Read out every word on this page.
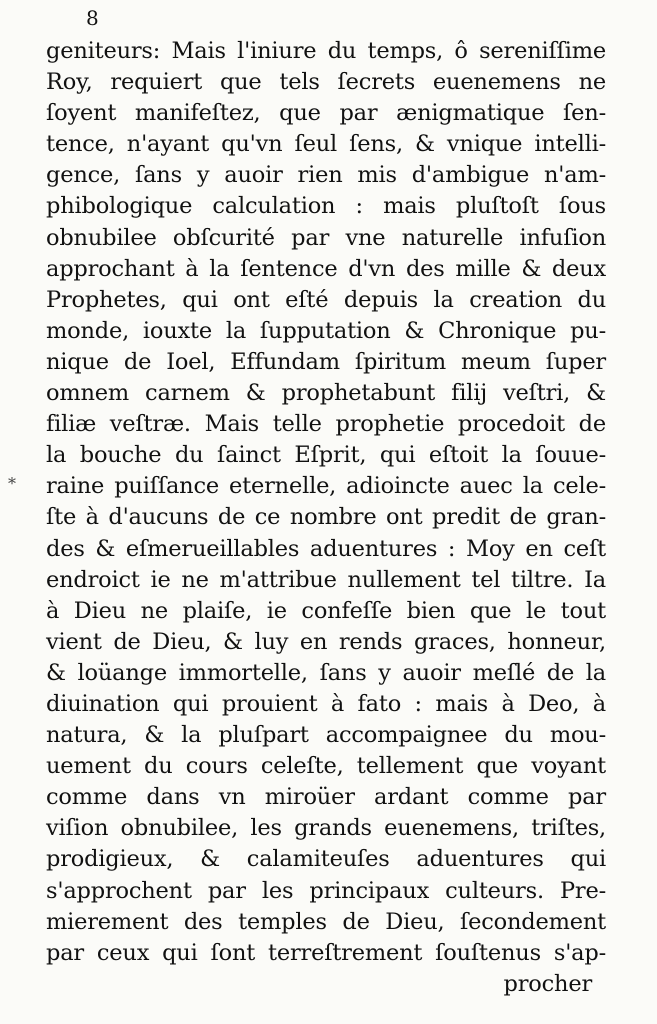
8
*
geniteurs: Mais l'iniure du temps, ô sereniſſime
Roy, requiert que tels ſecrets euenemens ne
ſoyent manifeſtez, que par ænigmatique ſen-
tence, n'ayant qu'vn ſeul ſens, & vnique intelli-
gence, ſans y auoir rien mis d'ambigue n'am-
phibologique calculation : mais pluſtoſt ſous
obnubilee obſcurité par vne naturelle infuſion
approchant à la ſentence d'vn des mille & deux
Prophetes, qui ont eſté depuis la creation du
monde, iouxte la ſupputation & Chronique pu-
nique de Ioel, Effundam ſpiritum meum ſuper
omnem carnem & prophetabunt filij veſtri, &
filiæ veſtræ. Mais telle prophetie procedoit de
la bouche du ſainct Eſprit, qui eſtoit la ſouue-
raine puiſſance eternelle, adioincte auec la cele-
ſte à d'aucuns de ce nombre ont predit de gran-
des & eſmerueillables aduentures : Moy en ceſt
endroict ie ne m'attribue nullement tel tiltre. Ia
à Dieu ne plaiſe, ie confeſſe bien que le tout
vient de Dieu, & luy en rends graces, honneur,
& loüange immortelle, ſans y auoir meſlé de la
diuination qui prouient à fato : mais à Deo, à
natura, & la pluſpart accompaignee du mou-
uement du cours celeſte, tellement que voyant
comme dans vn miroüer ardant comme par
viſion obnubilee, les grands euenemens, triſtes,
prodigieux, & calamiteuſes aduentures qui
s'approchent par les principaux culteurs. Pre-
mierement des temples de Dieu, ſecondement
par ceux qui ſont terreſtrement ſouſtenus s'ap-
procher
